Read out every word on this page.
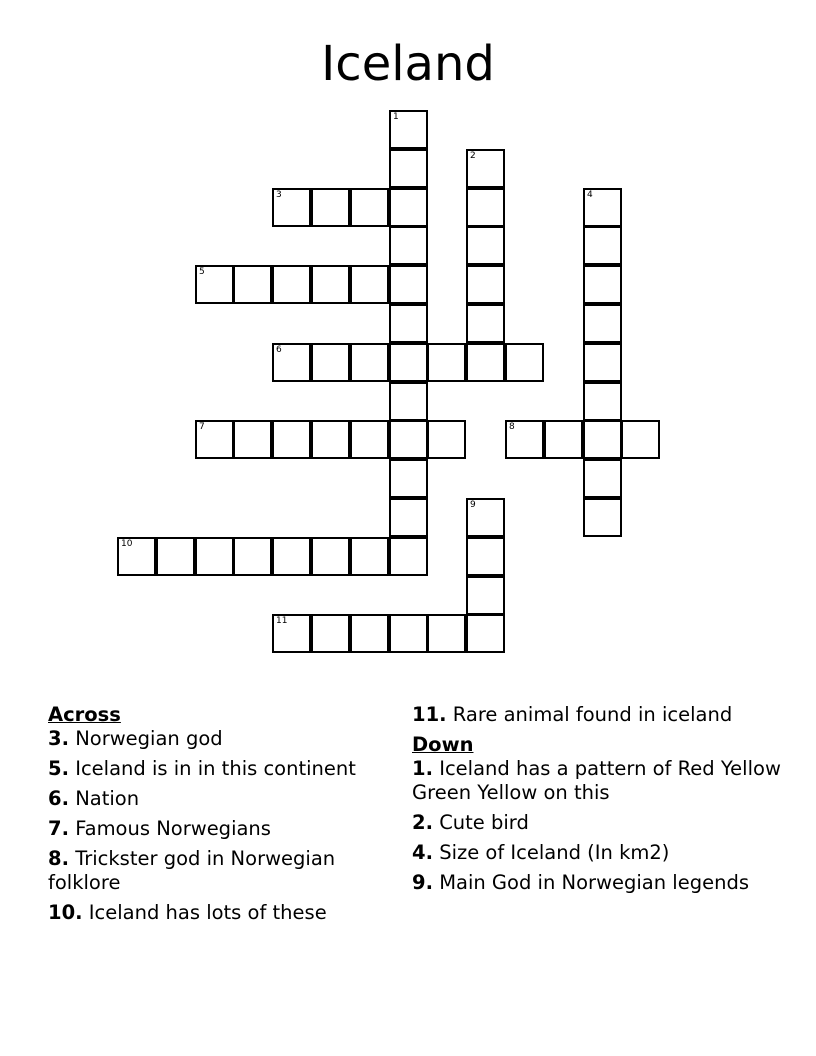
Iceland
1
2
4
3
5
6
7	8
9
10
11
Across
3. Norwegian god
5. Iceland is in in this continent
6. Nation
7. Famous Norwegians
8. Trickster god in Norwegian folklore
10. Iceland has lots of these
11. Rare animal found in iceland
Down
1. Iceland has a pattern of Red Yellow Green Yellow on this
2. Cute bird
4. Size of Iceland (In km2)
9. Main God in Norwegian legends
